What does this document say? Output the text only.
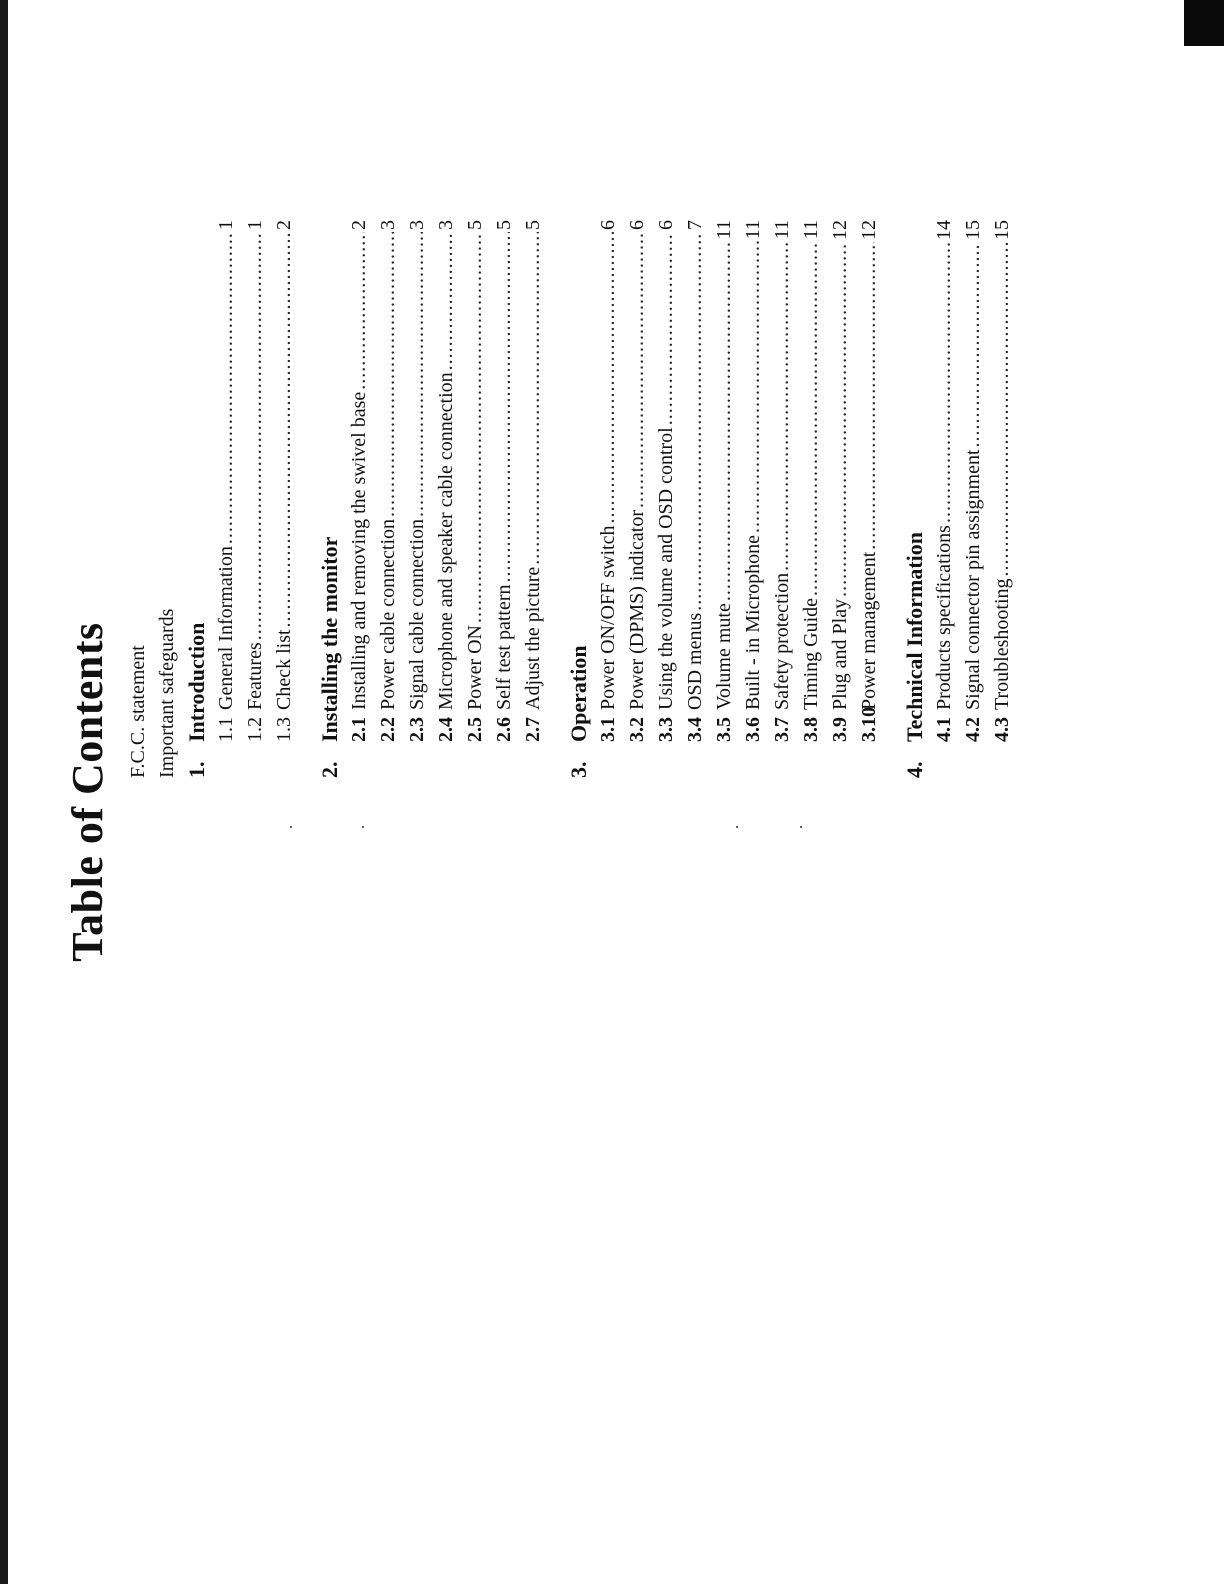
Table of Contents F.C.C. statement Important safeguards 1.
Introduction 1.1
General Information
.....
1
1.2
Features
.....
1
1.3
Check list
.....
2
2.
Installing the monitor 2.1
Installing and removing the swivel base
.....
2
2.2
Power cable connection
.....
3
2.3
Signal cable connection
.....
3
2.4
Microphone and speaker cable connection
.....
3
2.5
Power ON
.....
5
2.6
Self test pattern
.....
5
2.7
Adjust the picture
.....
5
3.
Operation 3.1
Power ON/OFF switch
.....
6
3.2
Power (DPMS) indicator
.....
6
3.3
Using the volume and OSD control
.....
6
3.4
OSD menus
.....
7
3.5
Volume mute
.....
11
3.6
Built - in Microphone
.....
11
3.7
Safety protection
.....
11
3.8
Timing Guide
.....
11
3.9
Plug and Play
.....
12
3.10
Power management
.....
12
4.
Technical Information 4.1
Products specifications
.....
14
4.2
Signal connector pin assignment
.....
15
4.3
Troubleshooting
.....
15
